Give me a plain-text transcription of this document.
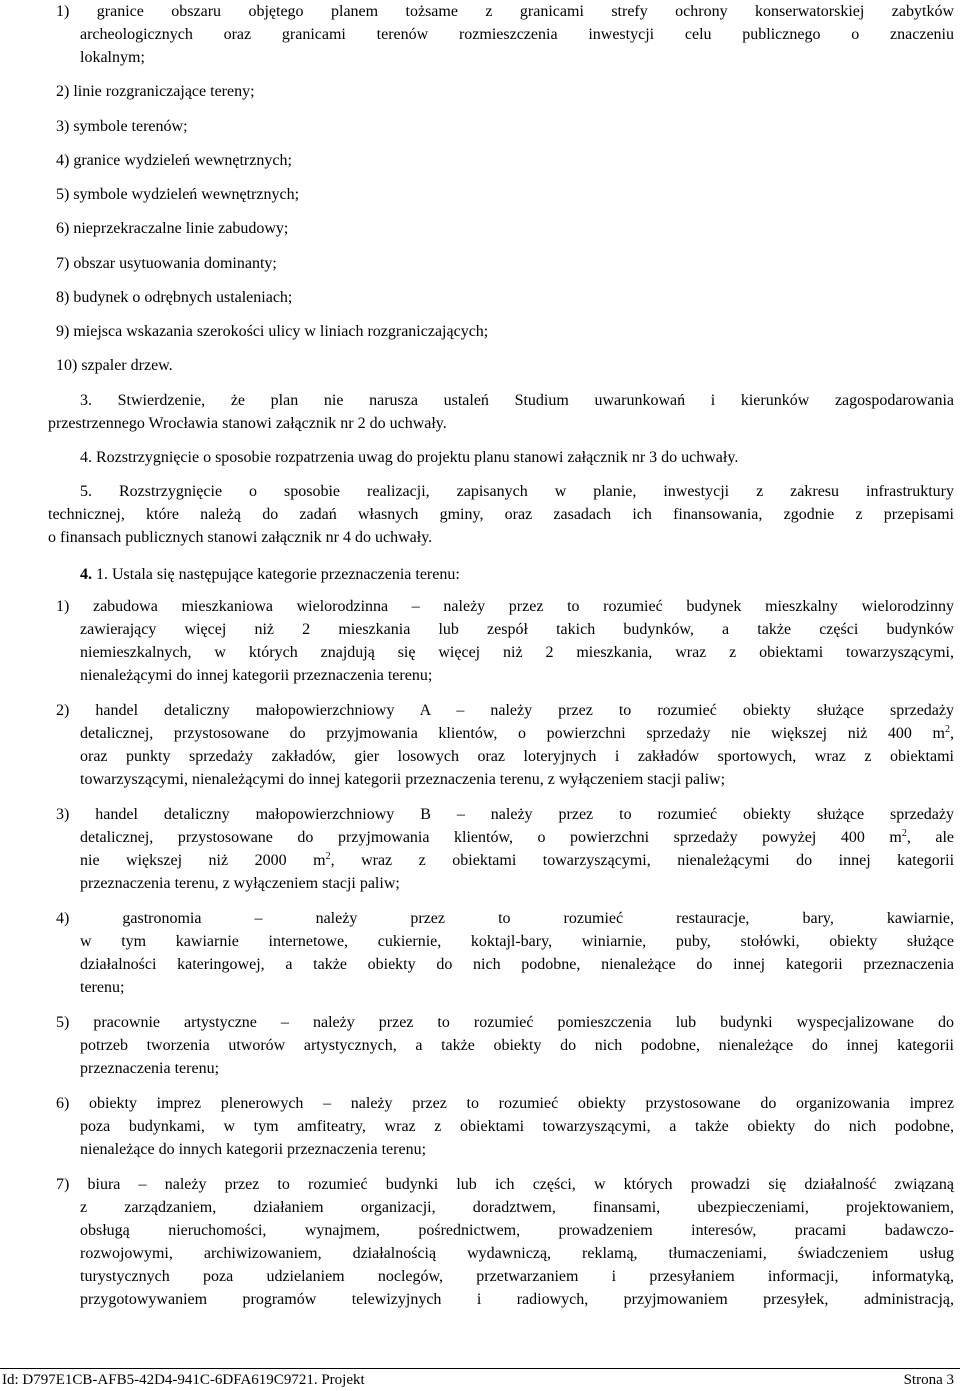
1) granice obszaru objętego planem tożsame z granicami strefy ochrony konserwatorskiej zabytków
archeologicznych oraz granicami terenów rozmieszczenia inwestycji celu publicznego o znaczeniu
lokalnym;
2) linie rozgraniczające tereny;
3) symbole terenów;
4) granice wydzieleń wewnętrznych;
5) symbole wydzieleń wewnętrznych;
6) nieprzekraczalne linie zabudowy;
7) obszar usytuowania dominanty;
8) budynek o odrębnych ustaleniach;
9) miejsca wskazania szerokości ulicy w liniach rozgraniczających;
10) szpaler drzew.
3. Stwierdzenie, że plan nie narusza ustaleń Studium uwarunkowań i kierunków zagospodarowania
przestrzennego Wrocławia stanowi załącznik nr 2 do uchwały.
4. Rozstrzygnięcie o sposobie rozpatrzenia uwag do projektu planu stanowi załącznik nr 3 do uchwały.
5. Rozstrzygnięcie o sposobie realizacji, zapisanych w planie, inwestycji z zakresu infrastruktury
technicznej, które należą do zadań własnych gminy, oraz zasadach ich finansowania, zgodnie z przepisami
o finansach publicznych stanowi załącznik nr 4 do uchwały.
4. 1. Ustala się następujące kategorie przeznaczenia terenu:
1) zabudowa mieszkaniowa wielorodzinna – należy przez to rozumieć budynek mieszkalny wielorodzinny
zawierający więcej niż 2 mieszkania lub zespół takich budynków, a także części budynków
niemieszkalnych, w których znajdują się więcej niż 2 mieszkania, wraz z obiektami towarzyszącymi,
nienależącymi do innej kategorii przeznaczenia terenu;
2) handel detaliczny małopowierzchniowy A – należy przez to rozumieć obiekty służące sprzedaży
detalicznej, przystosowane do przyjmowania klientów, o powierzchni sprzedaży nie większej niż 400 $m^2$,
oraz punkty sprzedaży zakładów, gier losowych oraz loteryjnych i zakładów sportowych, wraz z obiektami
towarzyszącymi, nienależącymi do innej kategorii przeznaczenia terenu, z wyłączeniem stacji paliw;
3) handel detaliczny małopowierzchniowy B – należy przez to rozumieć obiekty służące sprzedaży
detalicznej, przystosowane do przyjmowania klientów, o powierzchni sprzedaży powyżej 400 $m^2$, ale
nie większej niż 2000 $m^2$, wraz z obiektami towarzyszącymi, nienależącymi do innej kategorii
przeznaczenia terenu, z wyłączeniem stacji paliw;
4) gastronomia – należy przez to rozumieć restauracje, bary, kawiarnie,
w tym kawiarnie internetowe, cukiernie, koktajl-bary, winiarnie, puby, stołówki, obiekty służące
działalności kateringowej, a także obiekty do nich podobne, nienależące do innej kategorii przeznaczenia
terenu;
5) pracownie artystyczne – należy przez to rozumieć pomieszczenia lub budynki wyspecjalizowane do
potrzeb tworzenia utworów artystycznych, a także obiekty do nich podobne, nienależące do innej kategorii
przeznaczenia terenu;
6) obiekty imprez plenerowych – należy przez to rozumieć obiekty przystosowane do organizowania imprez
poza budynkami, w tym amfiteatry, wraz z obiektami towarzyszącymi, a także obiekty do nich podobne,
nienależące do innych kategorii przeznaczenia terenu;
7) biura – należy przez to rozumieć budynki lub ich części, w których prowadzi się działalność związaną
z zarządzaniem, działaniem organizacji, doradztwem, finansami, ubezpieczeniami, projektowaniem,
obsługą nieruchomości, wynajmem, pośrednictwem, prowadzeniem interesów, pracami badawczo-
rozwojowymi, archiwizowaniem, działalnością wydawniczą, reklamą, tłumaczeniami, świadczeniem usług
turystycznych poza udzielaniem noclegów, przetwarzaniem i przesyłaniem informacji, informatyką,
przygotowywaniem programów telewizyjnych i radiowych, przyjmowaniem przesyłek, administracją,
Id: D797E1CB-AFB5-42D4-941C-6DFA619C9721. Projekt	Strona 3
